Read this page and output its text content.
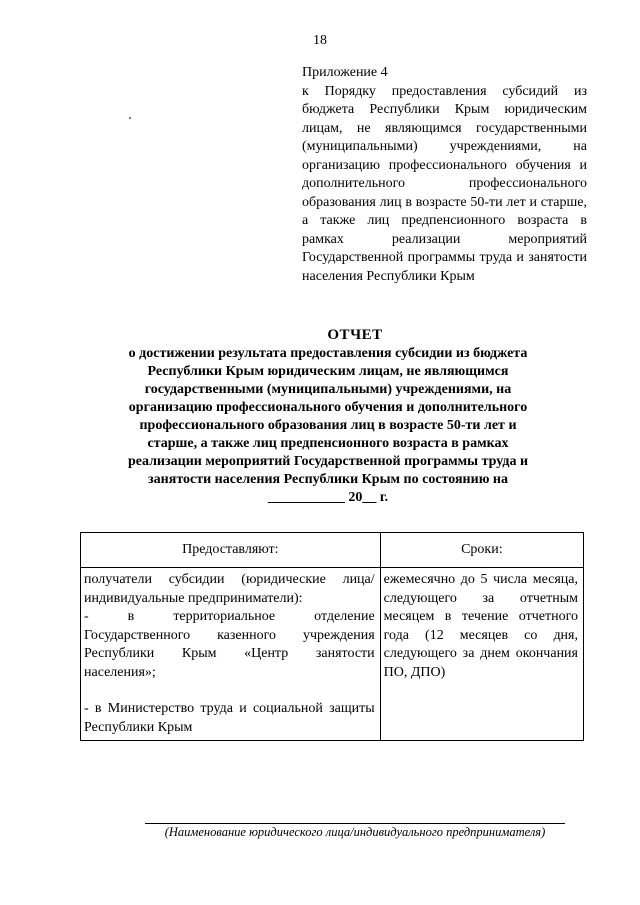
18
Приложение 4
к Порядку предоставления субсидий из бюджета Республики Крым юридическим лицам, не являющимся государственными (муниципальными) учреждениями, на организацию профессионального обучения и дополнительного профессионального образования лиц в возрасте 50-ти лет и старше, а также лиц предпенсионного возраста в рамках реализации мероприятий Государственной программы труда и занятости населения Республики Крым
ОТЧЕТ
о достижении результата предоставления субсидии из бюджета Республики Крым юридическим лицам, не являющимся государственными (муниципальными) учреждениями, на организацию профессионального обучения и дополнительного профессионального образования лиц в возрасте 50-ти лет и старше, а также лиц предпенсионного возраста в рамках реализации мероприятий Государственной программы труда и занятости населения Республики Крым по состоянию на ___________ 20__ г.
Предоставляют:	Сроки:

получатели субсидии (юридические лица/ индивидуальные предприниматели):
- в территориальное отделение Государственного казенного учреждения Республики Крым «Центр занятости населения»;
- в Министерство труда и социальной защиты Республики Крым	ежемесячно до 5 числа месяца, следующего за отчетным месяцем в течение отчетного года (12 месяцев со дня, следующего за днем окончания ПО, ДПО)
(Наименование юридического лица/индивидуального предпринимателя)
